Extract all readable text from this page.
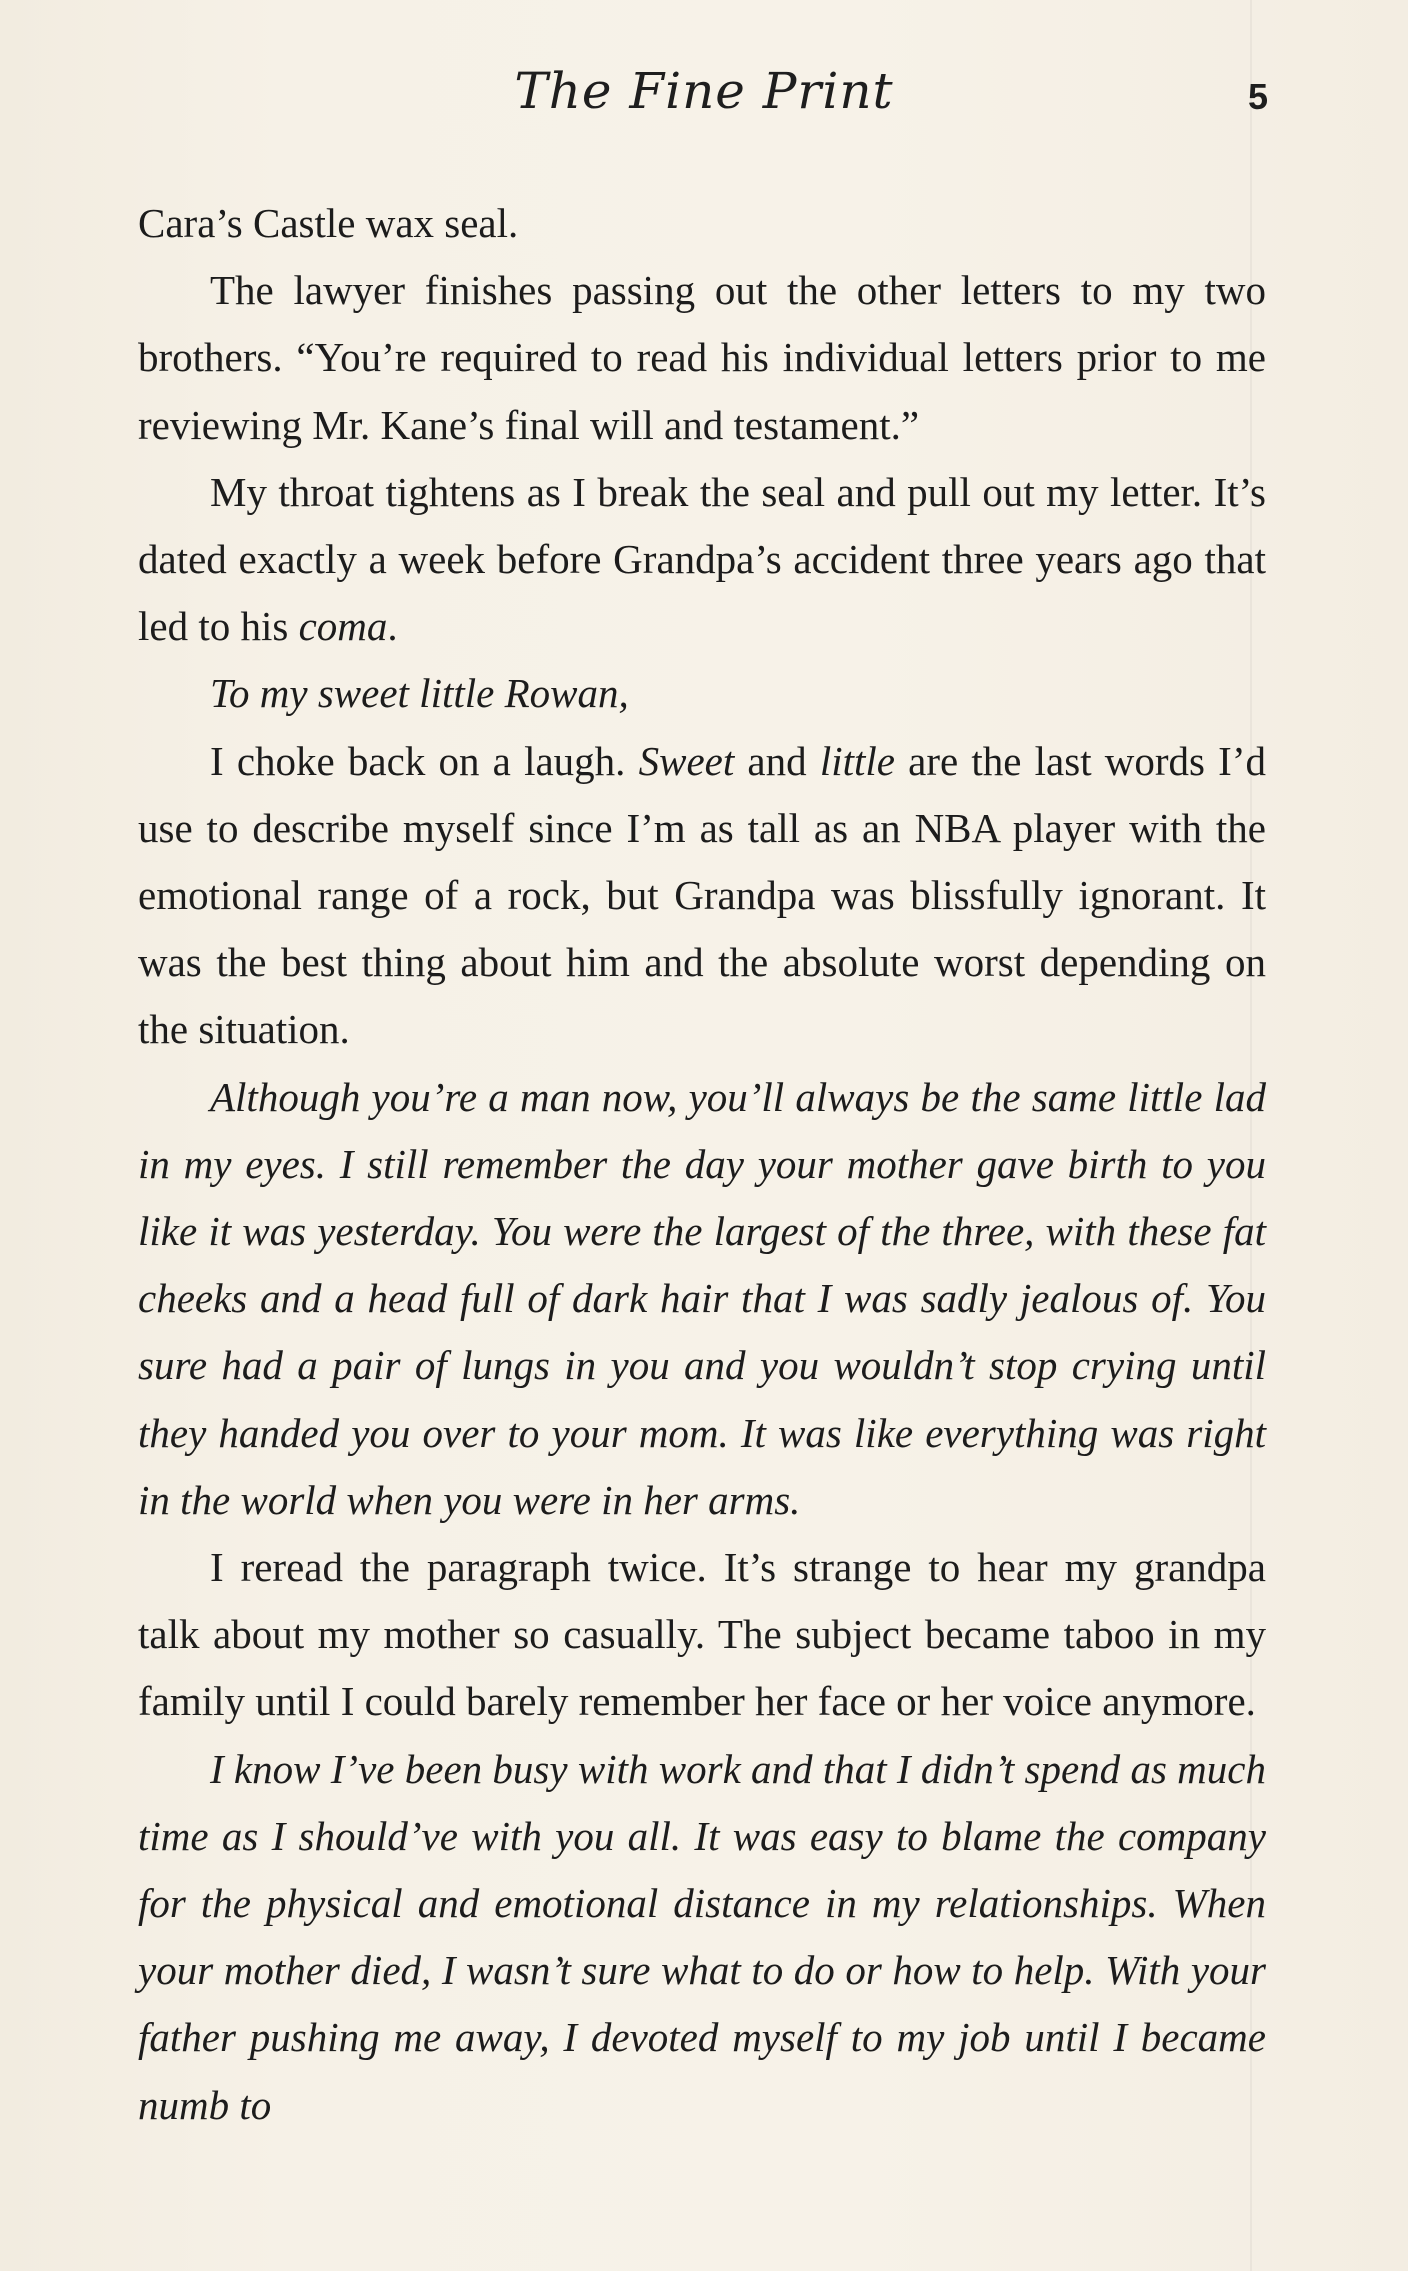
The Fine Print	5

Cara’s Castle wax seal.

The lawyer finishes passing out the other letters to my two brothers. “You’re required to read his individual letters prior to me reviewing Mr. Kane’s final will and testament.”

My throat tightens as I break the seal and pull out my letter. It’s dated exactly a week before Grandpa’s accident three years ago that led to his coma.

To my sweet little Rowan,

I choke back on a laugh. Sweet and little are the last words I’d use to describe myself since I’m as tall as an NBA player with the emotional range of a rock, but Grandpa was blissfully ignorant. It was the best thing about him and the absolute worst depending on the situation.

Although you’re a man now, you’ll always be the same little lad in my eyes. I still remember the day your mother gave birth to you like it was yesterday. You were the largest of the three, with these fat cheeks and a head full of dark hair that I was sadly jealous of. You sure had a pair of lungs in you and you wouldn’t stop crying until they handed you over to your mom. It was like everything was right in the world when you were in her arms.

I reread the paragraph twice. It’s strange to hear my grandpa talk about my mother so casually. The subject became taboo in my family until I could barely remember her face or her voice anymore.

I know I’ve been busy with work and that I didn’t spend as much time as I should’ve with you all. It was easy to blame the company for the physical and emotional distance in my relationships. When your mother died, I wasn’t sure what to do or how to help. With your father pushing me away, I devoted myself to my job until I became numb to
